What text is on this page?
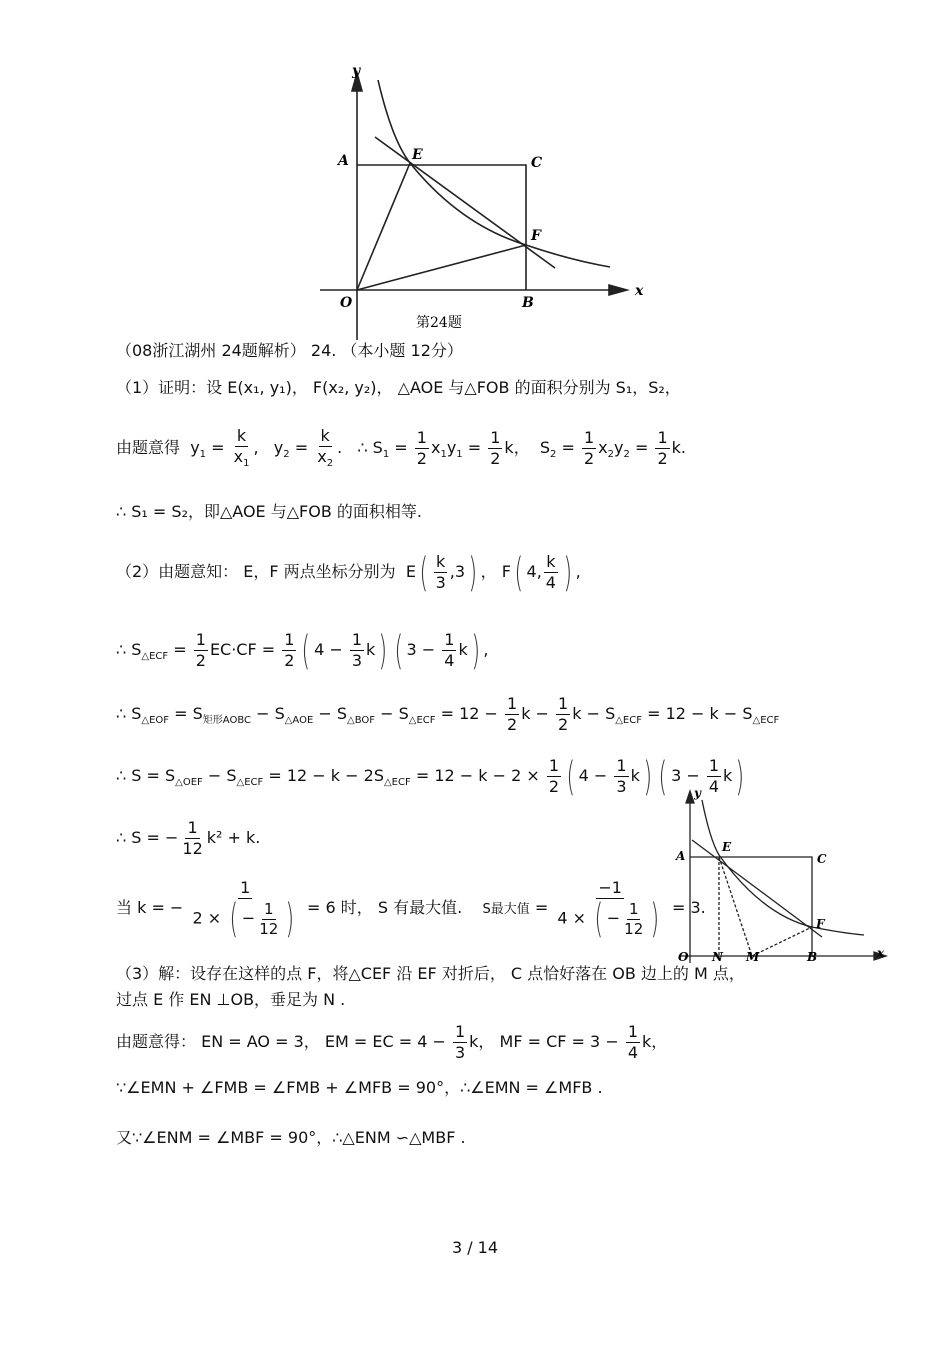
y
A	E	C
F
O	B
x
第24题
y
A
E
C
F
O N M	B	x
（08浙江湖州 24题解析） 24. （本小题 12分）
（1）证明：设 E(x₁, y₁)， F(x₂, y₂)， △AOE 与△FOB 的面积分别为 S₁，S₂，
由题意得  $y_1 = \frac{k}{x_1}$ ,   $y_2 = \frac{k}{x_2}$ .   ∴ $S_1 = \frac{1}{2} x_1y_1 = \frac{1}{2}$ k，  $S_2 = \frac{1}{2} x_2y_2 = \frac{1}{2} k$.
∴ S₁ = S₂，即△AOE 与△FOB 的面积相等.
（2）由题意知： E，F 两点坐标分别为  $E( \frac{k}{3} ,3)$ ， F( 4, $\frac{k}{4}$ ) ,
∴ $S_{\triangle ECF} = \frac{1}{2} EC\cdot CF = \frac{1}{2}$ ( $4 - \frac{1}{3} k$) ( $3 - \frac{1}{4} k$) ,
∴ $S_{\triangle EOF} = S_{矩形AOBC} - S_{\triangle AOE} - S_{\triangle BOF} - S_{\triangle ECF} = 12 - \frac{1}{2}$ $k - \frac{1}{2}$ $k - S_{\triangle ECF} = 12 - k - S_{\triangle ECF}$
∴ $S = S_{\triangle OEF} - S_{\triangle ECF} = 12 - k - 2S_{\triangle ECF} = 12 - k - 2 \times \frac{1}{2}$ ( $4 - \frac{1}{3} k$) ( $3 - \frac{1}{4} k$)
∴ S = − $\frac{1}{12} k^2 + k$.
当 k = − $\frac{1}{2 \times ( - \frac{1}{12} )} = 6$ 时， S 有最大值. S最大值 = $\frac{-1}{4 \times ( - \frac{1}{12} )} = 3$.
（3）解：设存在这样的点 F，将△CEF 沿 EF 对折后， C 点恰好落在 OB 边上的 M 点，
过点 E 作 EN ⊥OB，垂足为 N .
由题意得： EN = AO = 3， EM = EC = $4 - \frac{1}{3}$ k， MF = CF = $3 - \frac{1}{4}$ k，
∵∠EMN + ∠FMB = ∠FMB + ∠MFB = 90°，∴∠EMN = ∠MFB .
又∵∠ENM = ∠MBF = 90°，∴△ENM ∽△MBF .
3 / 14
